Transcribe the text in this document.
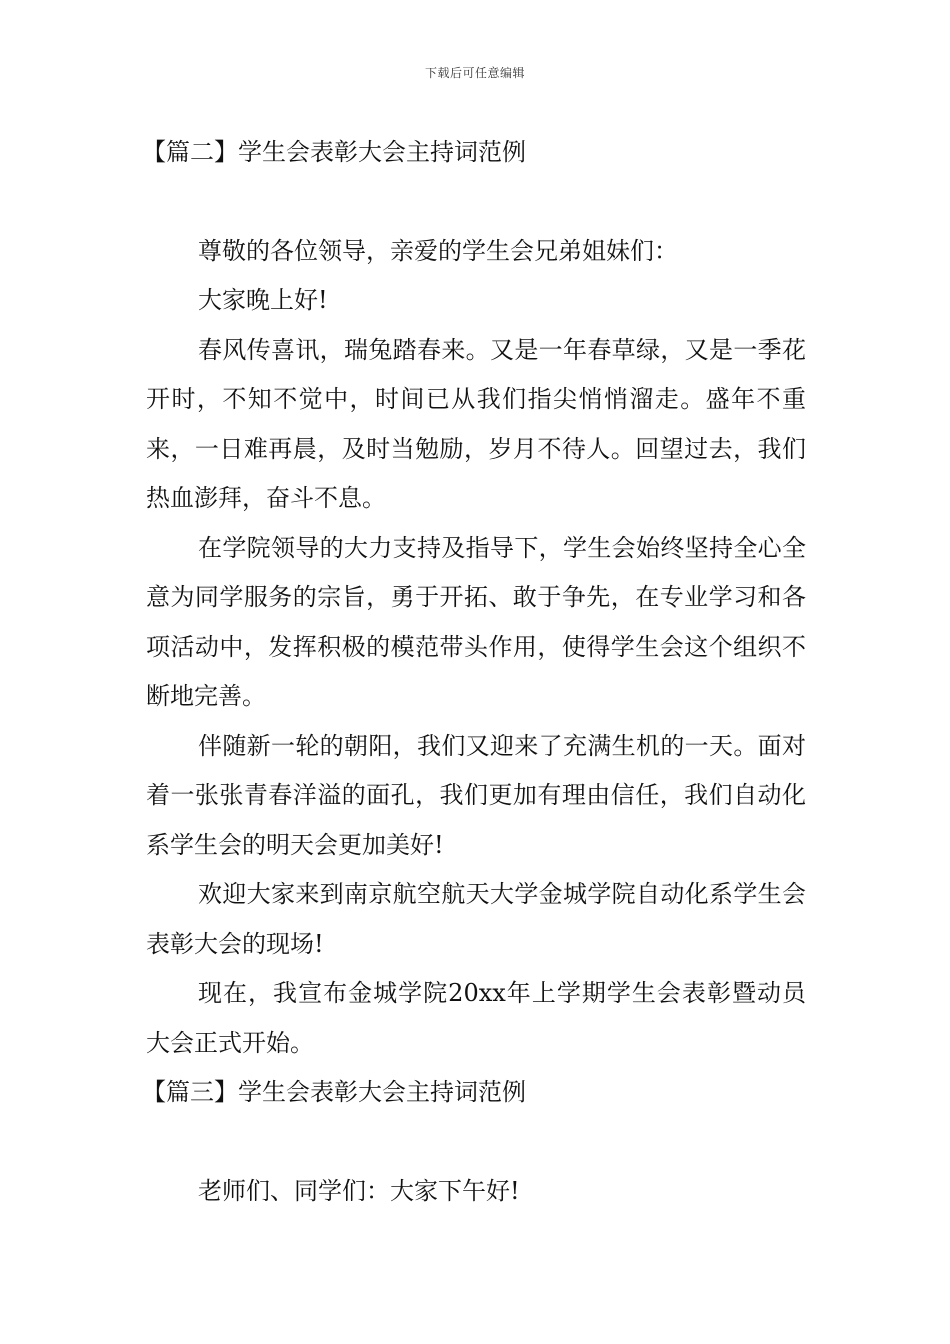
下载后可任意编辑
【篇二】学生会表彰大会主持词范例

尊敬的各位领导，亲爱的学生会兄弟姐妹们：

大家晚上好!

春风传喜讯，瑞兔踏春来。又是一年春草绿，又是一季花开时，不知不觉中，时间已从我们指尖悄悄溜走。盛年不重来，一日难再晨，及时当勉励，岁月不待人。回望过去，我们热血澎拜，奋斗不息。

在学院领导的大力支持及指导下，学生会始终坚持全心全意为同学服务的宗旨，勇于开拓、敢于争先，在专业学习和各项活动中，发挥积极的模范带头作用，使得学生会这个组织不断地完善。

伴随新一轮的朝阳，我们又迎来了充满生机的一天。面对着一张张青春洋溢的面孔，我们更加有理由信任，我们自动化系学生会的明天会更加美好!

欢迎大家来到南京航空航天大学金城学院自动化系学生会表彰大会的现场!

现在，我宣布金城学院20xx年上学期学生会表彰暨动员大会正式开始。

【篇三】学生会表彰大会主持词范例

老师们、同学们：大家下午好!
